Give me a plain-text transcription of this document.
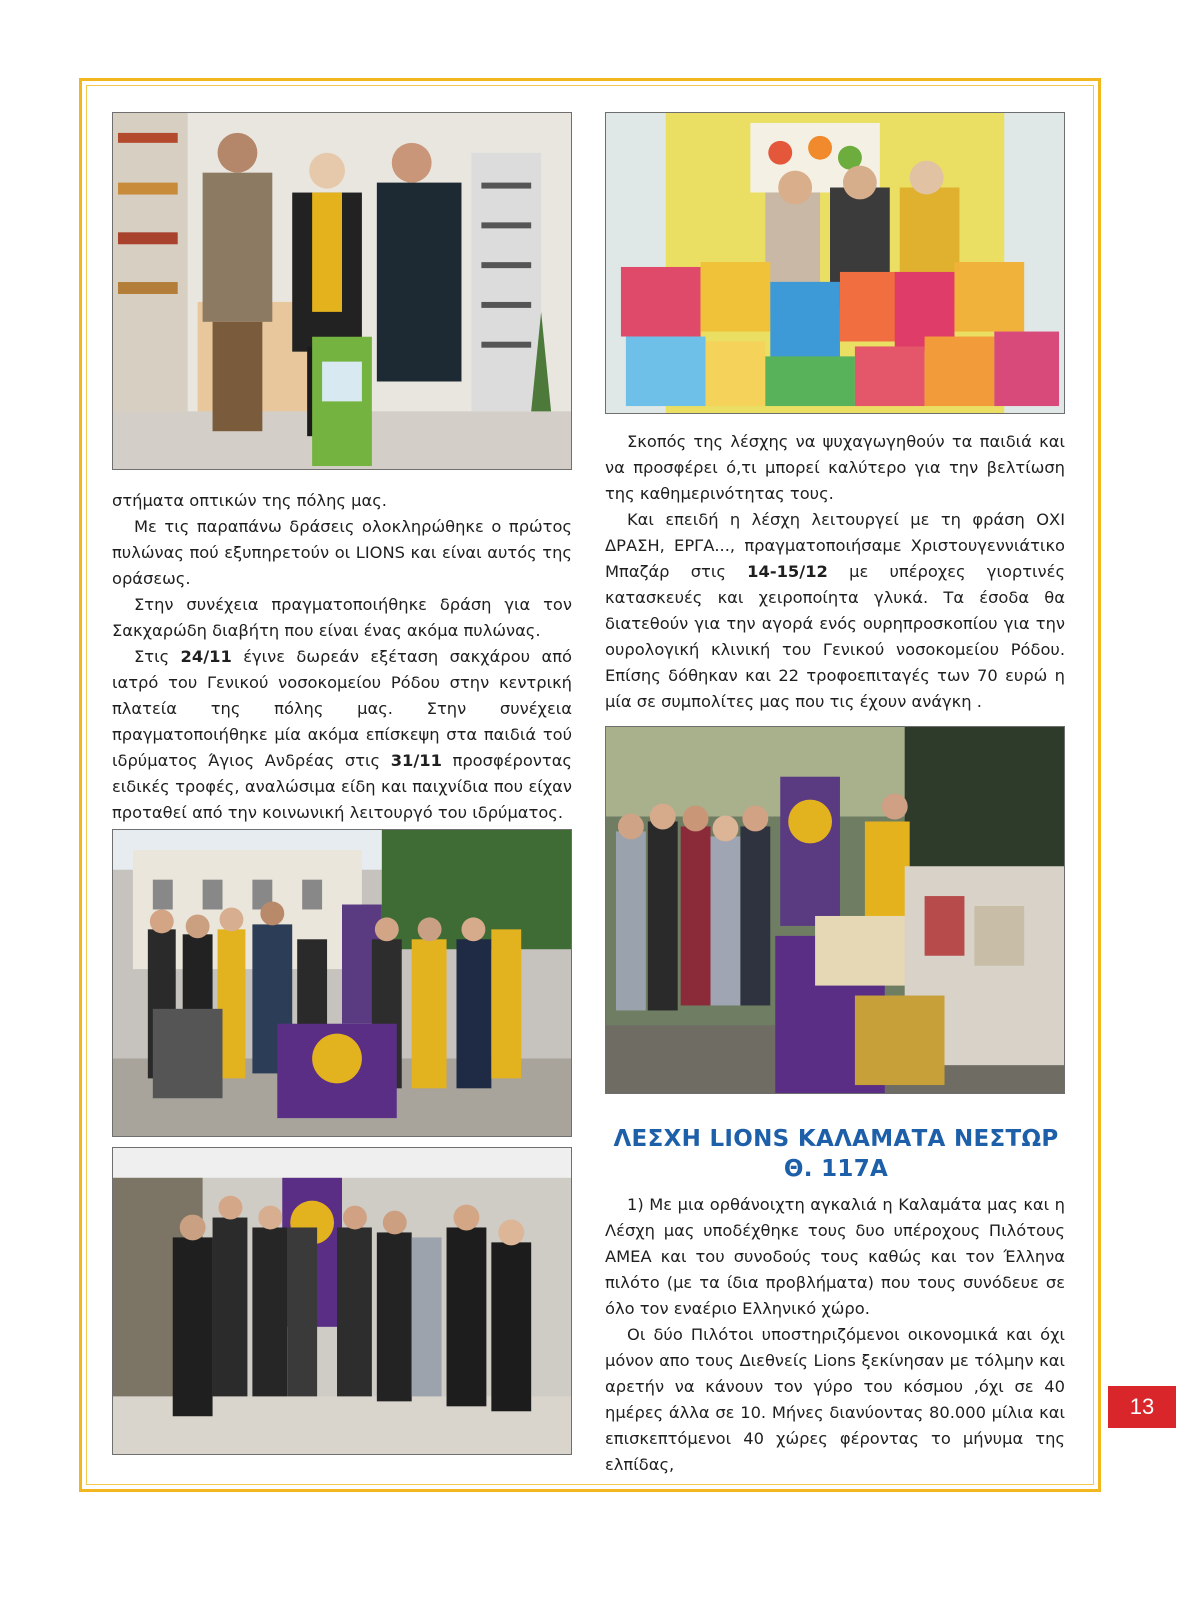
στήματα οπτικών της πόλης μας.

Με τις παραπάνω δράσεις ολοκληρώθηκε ο πρώτος πυλώνας πού εξυπηρετούν οι LIONS και είναι αυτός της οράσεως.

Στην συνέχεια πραγματοποιήθηκε δράση για τον Σακχαρώδη διαβήτη που είναι ένας ακόμα πυλώνας.

Στις 24/11 έγινε δωρεάν εξέταση σακχάρου από ιατρό του Γενικού νοσοκομείου Ρόδου στην κεντρική πλατεία της πόλης μας. Στην συνέχεια πραγματοποιήθηκε μία ακόμα επίσκεψη στα παιδιά τού ιδρύματος Άγιος Ανδρέας στις 31/11 προσφέροντας ειδικές τροφές, αναλώσιμα είδη και παιχνίδια που είχαν προταθεί από την κοινωνική λειτουργό του ιδρύματος.

Σκοπός της λέσχης να ψυχαγωγηθούν τα παιδιά και να προσφέρει ό,τι μπορεί καλύτερο για την βελτίωση της καθημερινότητας τους.

Και επειδή η λέσχη λειτουργεί με τη φράση ΟΧΙ ΔΡΑΣΗ, ΕΡΓΑ..., πραγματοποιήσαμε Χριστουγεννιάτικο Μπαζάρ στις 14-15/12 με υπέροχες γιορτινές κατασκευές και χειροποίητα γλυκά. Τα έσοδα θα διατεθούν για την αγορά ενός ουρηπροσκοπίου για την ουρολογική κλινική του Γενικού νοσοκομείου Ρόδου. Επίσης δόθηκαν και 22 τροφοεπιταγές των 70 ευρώ η μία σε συμπολίτες μας που τις έχουν ανάγκη .

ΛΕΣΧΗ LIONS ΚΑΛΑΜΑΤΑ ΝΕΣΤΩΡ
Θ. 117Α

1) Με μια ορθάνοιχτη αγκαλιά η Καλαμάτα μας και η Λέσχη μας υποδέχθηκε τους δυο υπέροχους Πιλότους ΑΜΕΑ και του συνοδούς τους καθώς και τον Έλληνα πιλότο (με τα ίδια προβλήματα) που τους συνόδευε σε όλο τον εναέριο Ελληνικό χώρο.

Οι δύο Πιλότοι υποστηριζόμενοι οικονομικά και όχι μόνον απο τους Διεθνείς Lions ξεκίνησαν με τόλμην και αρετήν να κάνουν τον γύρο του κόσμου ,όχι σε 40 ημέρες άλλα σε 10. Μήνες διανύοντας 80.000 μίλια και επισκεπτόμενοι 40 χώρες φέροντας το μήνυμα της ελπίδας,

13
